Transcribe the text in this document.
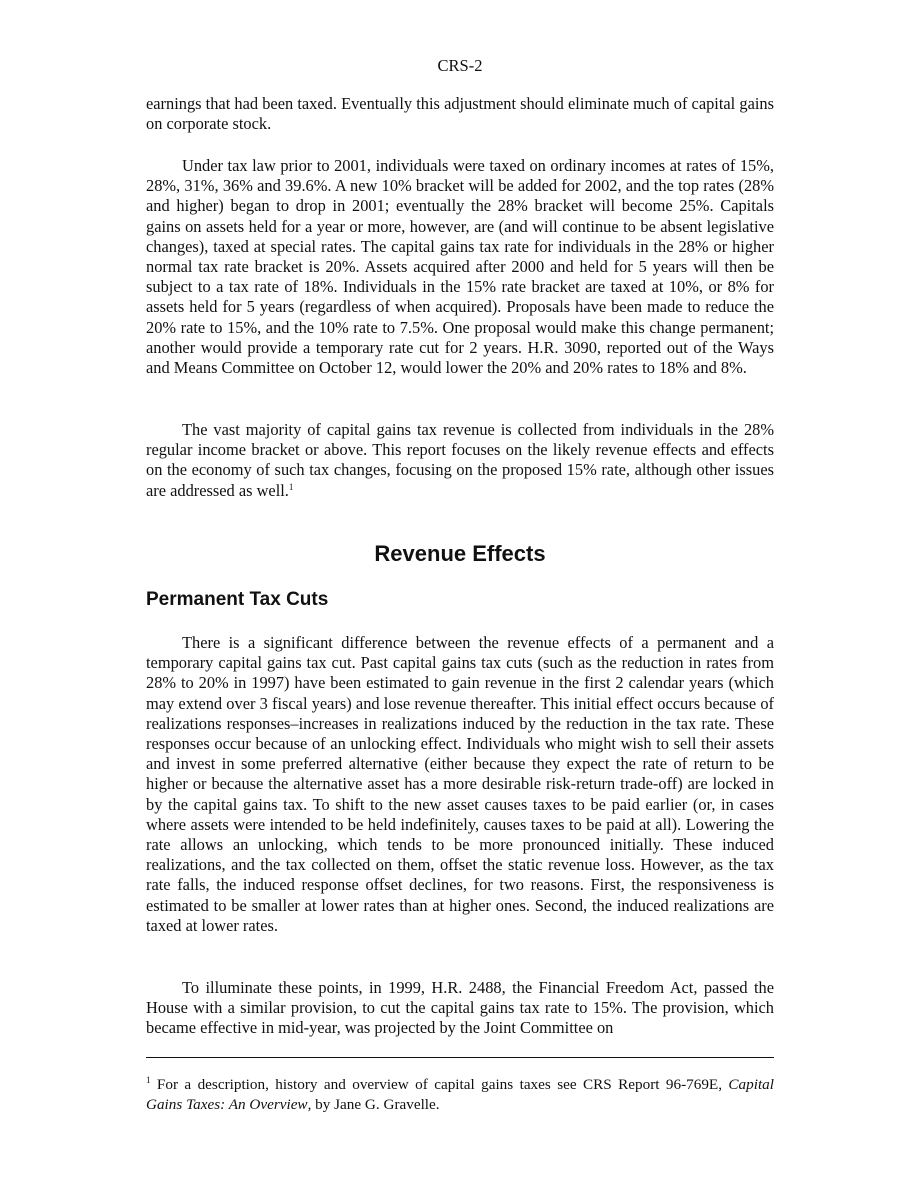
CRS-2

earnings that had been taxed. Eventually this adjustment should eliminate much of capital gains on corporate stock.

Under tax law prior to 2001, individuals were taxed on ordinary incomes at rates of 15%, 28%, 31%, 36% and 39.6%. A new 10% bracket will be added for 2002, and the top rates (28% and higher) began to drop in 2001; eventually the 28% bracket will become 25%. Capitals gains on assets held for a year or more, however, are (and will continue to be absent legislative changes), taxed at special rates. The capital gains tax rate for individuals in the 28% or higher normal tax rate bracket is 20%. Assets acquired after 2000 and held for 5 years will then be subject to a tax rate of 18%. Individuals in the 15% rate bracket are taxed at 10%, or 8% for assets held for 5 years (regardless of when acquired). Proposals have been made to reduce the 20% rate to 15%, and the 10% rate to 7.5%. One proposal would make this change permanent; another would provide a temporary rate cut for 2 years. H.R. 3090, reported out of the Ways and Means Committee on October 12, would lower the 20% and 20% rates to 18% and 8%.

The vast majority of capital gains tax revenue is collected from individuals in the 28% regular income bracket or above. This report focuses on the likely revenue effects and effects on the economy of such tax changes, focusing on the proposed 15% rate, although other issues are addressed as well.$^1$

Revenue Effects
Permanent Tax Cuts

There is a significant difference between the revenue effects of a permanent and a temporary capital gains tax cut. Past capital gains tax cuts (such as the reduction in rates from 28% to 20% in 1997) have been estimated to gain revenue in the first 2 calendar years (which may extend over 3 fiscal years) and lose revenue thereafter. This initial effect occurs because of realizations responses–increases in realizations induced by the reduction in the tax rate. These responses occur because of an unlocking effect. Individuals who might wish to sell their assets and invest in some preferred alternative (either because they expect the rate of return to be higher or because the alternative asset has a more desirable risk-return trade-off) are locked in by the capital gains tax. To shift to the new asset causes taxes to be paid earlier (or, in cases where assets were intended to be held indefinitely, causes taxes to be paid at all). Lowering the rate allows an unlocking, which tends to be more pronounced initially. These induced realizations, and the tax collected on them, offset the static revenue loss. However, as the tax rate falls, the induced response offset declines, for two reasons. First, the responsiveness is estimated to be smaller at lower rates than at higher ones. Second, the induced realizations are taxed at lower rates.

To illuminate these points, in 1999, H.R. 2488, the Financial Freedom Act, passed the House with a similar provision, to cut the capital gains tax rate to 15%. The provision, which became effective in mid-year, was projected by the Joint Committee on

$^1$ For a description, history and overview of capital gains taxes see CRS Report 96-769E, Capital Gains Taxes: An Overview, by Jane G. Gravelle.
